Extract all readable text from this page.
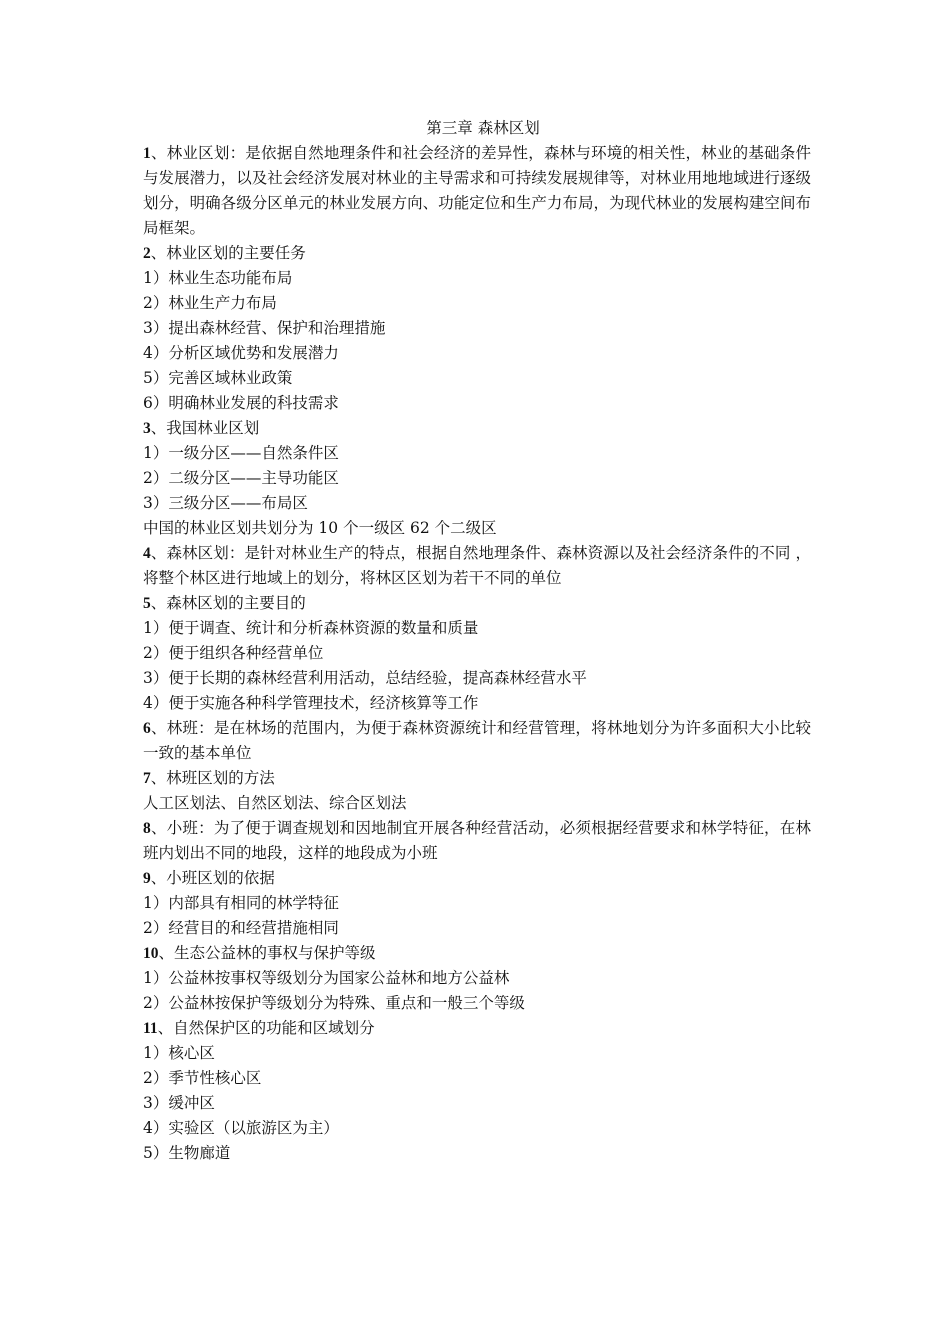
第三章 森林区划

1、林业区划：是依据自然地理条件和社会经济的差异性，森林与环境的相关性，林业的基础条件与发展潜力，以及社会经济发展对林业的主导需求和可持续发展规律等，对林业用地地域进行逐级划分，明确各级分区单元的林业发展方向、功能定位和生产力布局，为现代林业的发展构建空间布局框架。

2、林业区划的主要任务

1）林业生态功能布局

2）林业生产力布局

3）提出森林经营、保护和治理措施

4）分析区域优势和发展潜力

5）完善区域林业政策

6）明确林业发展的科技需求

3、我国林业区划

1）一级分区——自然条件区

2）二级分区——主导功能区

3）三级分区——布局区

中国的林业区划共划分为 10 个一级区 62 个二级区

4、森林区划：是针对林业生产的特点，根据自然地理条件、森林资源以及社会经济条件的不同 ，将整个林区进行地域上的划分，将林区区划为若干不同的单位

5、森林区划的主要目的

1）便于调查、统计和分析森林资源的数量和质量

2）便于组织各种经营单位

3）便于长期的森林经营利用活动，总结经验，提高森林经营水平

4）便于实施各种科学管理技术，经济核算等工作

6、林班：是在林场的范围内，为便于森林资源统计和经营管理，将林地划分为许多面积大小比较一致的基本单位

7、林班区划的方法

人工区划法、自然区划法、综合区划法

8、小班：为了便于调查规划和因地制宜开展各种经营活动，必须根据经营要求和林学特征，在林班内划出不同的地段，这样的地段成为小班

9、小班区划的依据

1）内部具有相同的林学特征

2）经营目的和经营措施相同

10、生态公益林的事权与保护等级

1）公益林按事权等级划分为国家公益林和地方公益林

2）公益林按保护等级划分为特殊、重点和一般三个等级

11、自然保护区的功能和区域划分

1）核心区

2）季节性核心区

3）缓冲区

4）实验区（以旅游区为主）

5）生物廊道
